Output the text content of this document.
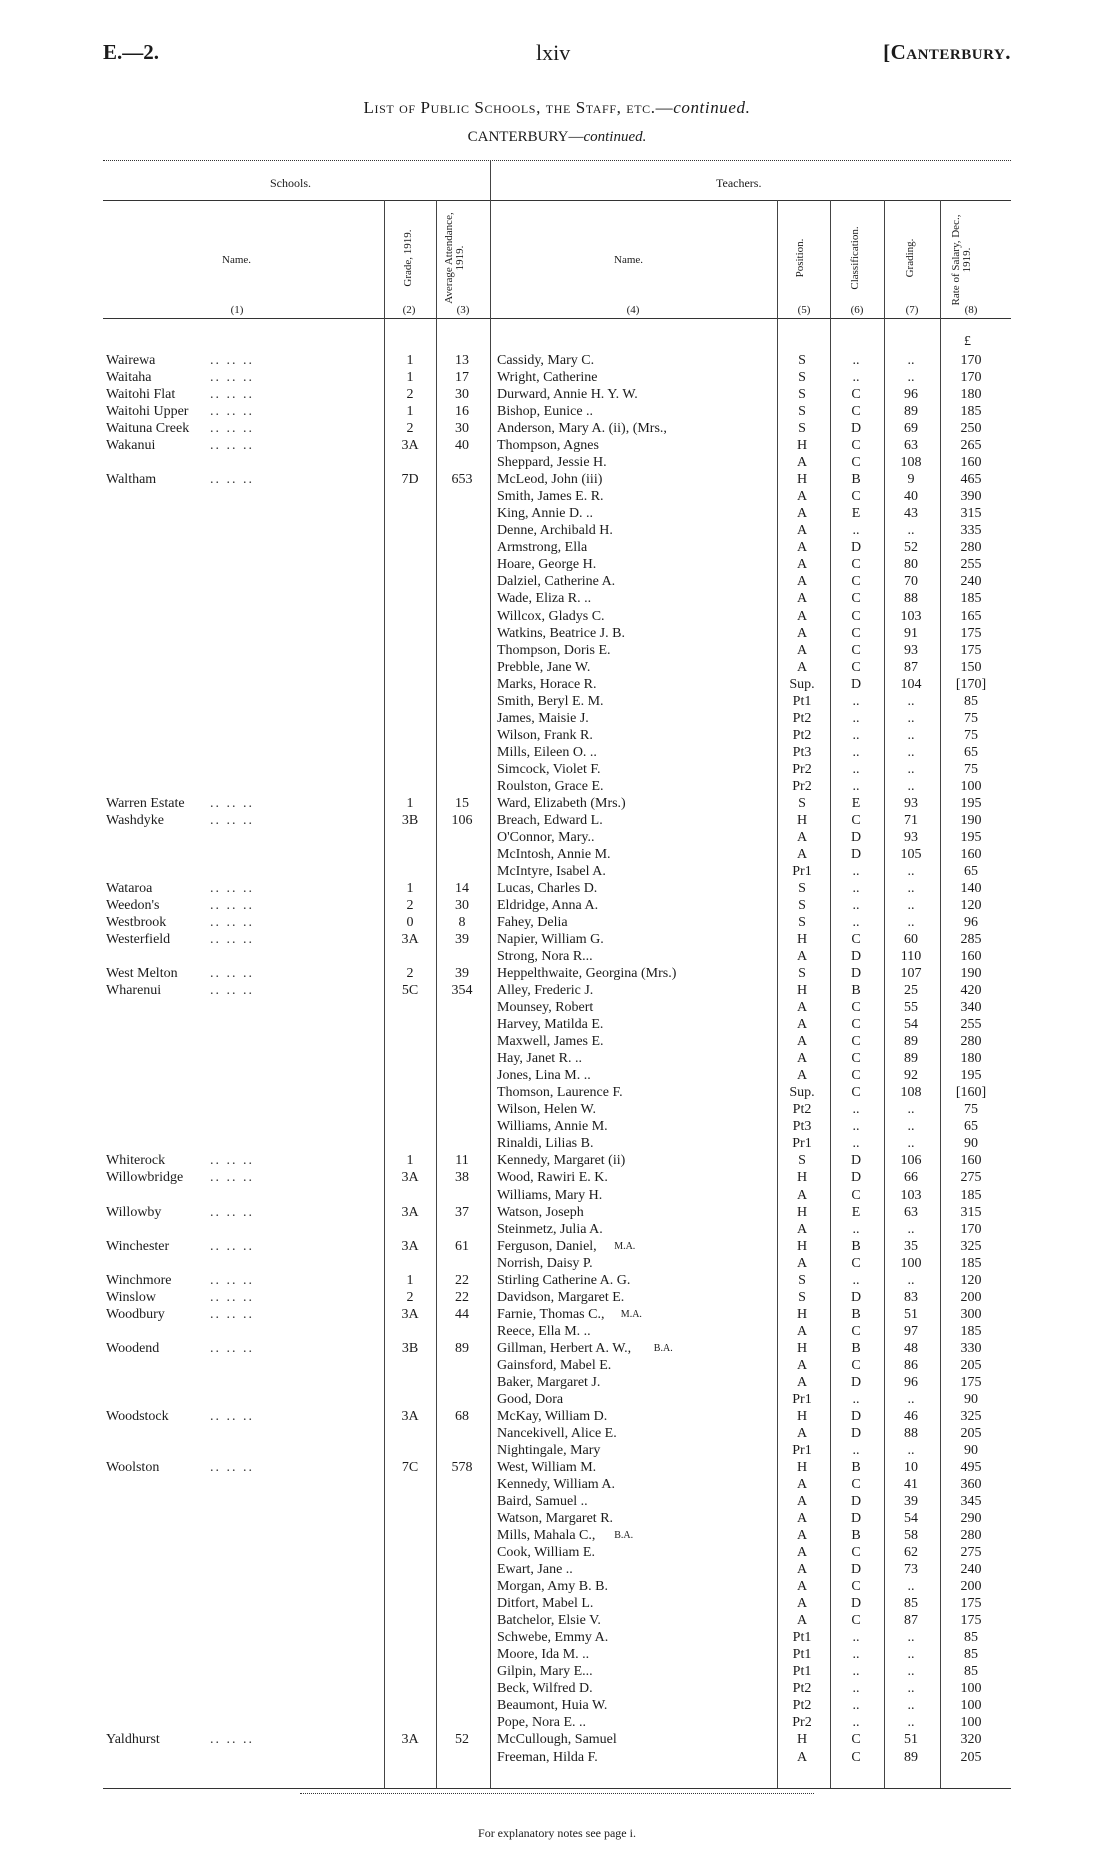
E.—2.	lxiv	[Canterbury.
List of Public Schools, the Staff, etc.—continued.
CANTERBURY—continued.
Schools.	Teachers.
Name.	Grade, 1919.	Average Attendance, 1919.	Name.	Position.	Classification.	Grading.	Rate of Salary, Dec., 1919.
(1)	(2)	(3)	(4)	(5)	(6)	(7)	(8)
£
Wairewa	.. .. ..	1	13	Cassidy, Mary C.	S	..	..	170
Waitaha	.. .. ..	1	17	Wright, Catherine	S	..	..	170
Waitohi Flat .. .. ..	2	30	Durward, Annie H. Y. W.	S	C	96	180
Waitohi Upper .. .. ..	1	16	Bishop, Eunice ..	S	C	89	185
Waituna Creek .. .. ..	2	30	Anderson, Mary A. (ii), (Mrs.,	S	D	69	250
Wakanui	.. .. ..	3A	40	Thompson, Agnes	H	C	63	265
Sheppard, Jessie H.	A	C	108	160
Waltham	.. .. ..	7D	653	McLeod, John (iii)	H	B	9	465
Smith, James E. R.	A	C	40	390
King, Annie D. ..	A	E	43	315
Denne, Archibald H.	A	..	..	335
Armstrong, Ella	A	D	52	280
Hoare, George H.	A	C	80	255
Dalziel, Catherine A.	A	C	70	240
Wade, Eliza R. ..	A	C	88	185
Willcox, Gladys C.	A	C	103	165
Watkins, Beatrice J. B.	A	C	91	175
Thompson, Doris E.	A	C	93	175
Prebble, Jane W.	A	C	87	150
Marks, Horace R.	Sup.	D	104	[170]
Smith, Beryl E. M.	Pt1	..	..	85
James, Maisie J.	Pt2	..	..	75
Wilson, Frank R.	Pt2	..	..	75
Mills, Eileen O. ..	Pt3	..	..	65
Simcock, Violet F.	Pr2	..	..	75
Roulston, Grace E.	Pr2	..	..	100
Warren Estate .. .. ..	1	15	Ward, Elizabeth (Mrs.)	S	E	93	195
Washdyke	.. .. ..	3B	106	Breach, Edward L.	H	C	71	190
O'Connor, Mary..	A	D	93	195
McIntosh, Annie M.	A	D	105	160
McIntyre, Isabel A.	Pr1	..	..	65
Wataroa	.. .. ..	1	14	Lucas, Charles D.	S	..	..	140
Weedon's	.. .. ..	2	30	Eldridge, Anna A.	S	..	..	120
Westbrook	.. .. ..	0	8	Fahey, Delia	S	..	..	96
Westerfield	.. .. ..	3A	39	Napier, William G.	H	C	60	285
Strong, Nora R...	A	D	110	160
West Melton .. .. ..	2	39	Heppelthwaite, Georgina (Mrs.)	S	D	107	190
Wharenui	.. .. ..	5C	354	Alley, Frederic J.	H	B	25	420
Mounsey, Robert	A	C	55	340
Harvey, Matilda E.	A	C	54	255
Maxwell, James E.	A	C	89	280
Hay, Janet R. ..	A	C	89	180
Jones, Lina M. ..	A	C	92	195
Thomson, Laurence F.	Sup.	C	108	[160]
Wilson, Helen W.	Pt2	..	..	75
Williams, Annie M.	Pt3	..	..	65
Rinaldi, Lilias B.	Pr1	..	..	90
Whiterock	.. .. ..	1	11	Kennedy, Margaret (ii)	S	D	106	160
Willowbridge .. .. ..	3A	38	Wood, Rawiri E. K.	H	D	66	275
Williams, Mary H.	A	C	103	185
Willowby	.. .. ..	3A	37	Watson, Joseph	H	E	63	315
Steinmetz, Julia A.	A	..	..	170
Winchester	.. .. ..	3A	61	Ferguson, Daniel,	M.A.	H	B	35	325
Norrish, Daisy P.	A	C	100	185
Winchmore	.. .. ..	1	22	Stirling Catherine A. G.	S	..	..	120
Winslow	.. .. ..	2	22	Davidson, Margaret E.	S	D	83	200
Woodbury	.. .. ..	3A	44	Farnie, Thomas C.,	M.A.	H	B	51	300
Reece, Ella M. ..	A	C	97	185
Woodend	.. .. ..	3B	89	Gillman, Herbert A. W.,	B.A.	H	B	48	330
Gainsford, Mabel E.	A	C	86	205
Baker, Margaret J.	A	D	96	175
Good, Dora	Pr1	..	..	90
Woodstock	.. .. ..	3A	68	McKay, William D.	H	D	46	325
Nancekivell, Alice E.	A	D	88	205
Nightingale, Mary	Pr1	..	..	90
Woolston	.. .. ..	7C	578	West, William M.	H	B	10	495
Kennedy, William A.	A	C	41	360
Baird, Samuel ..	A	D	39	345
Watson, Margaret R.	A	D	54	290
Mills, Mahala C.,	B.A.	A	B	58	280
Cook, William E.	A	C	62	275
Ewart, Jane ..	A	D	73	240
Morgan, Amy B. B.	A	C	..	200
Ditfort, Mabel L.	A	D	85	175
Batchelor, Elsie V.	A	C	87	175
Schwebe, Emmy A.	Pt1	..	..	85
Moore, Ida M. ..	Pt1	..	..	85
Gilpin, Mary E...	Pt1	..	..	85
Beck, Wilfred D.	Pt2	..	..	100
Beaumont, Huia W.	Pt2	..	..	100
Pope, Nora E. ..	Pr2	..	..	100
Yaldhurst	.. .. ..	3A	52	McCullough, Samuel	H	C	51	320
Freeman, Hilda F.	A	C	89	205
For explanatory notes see page i.
